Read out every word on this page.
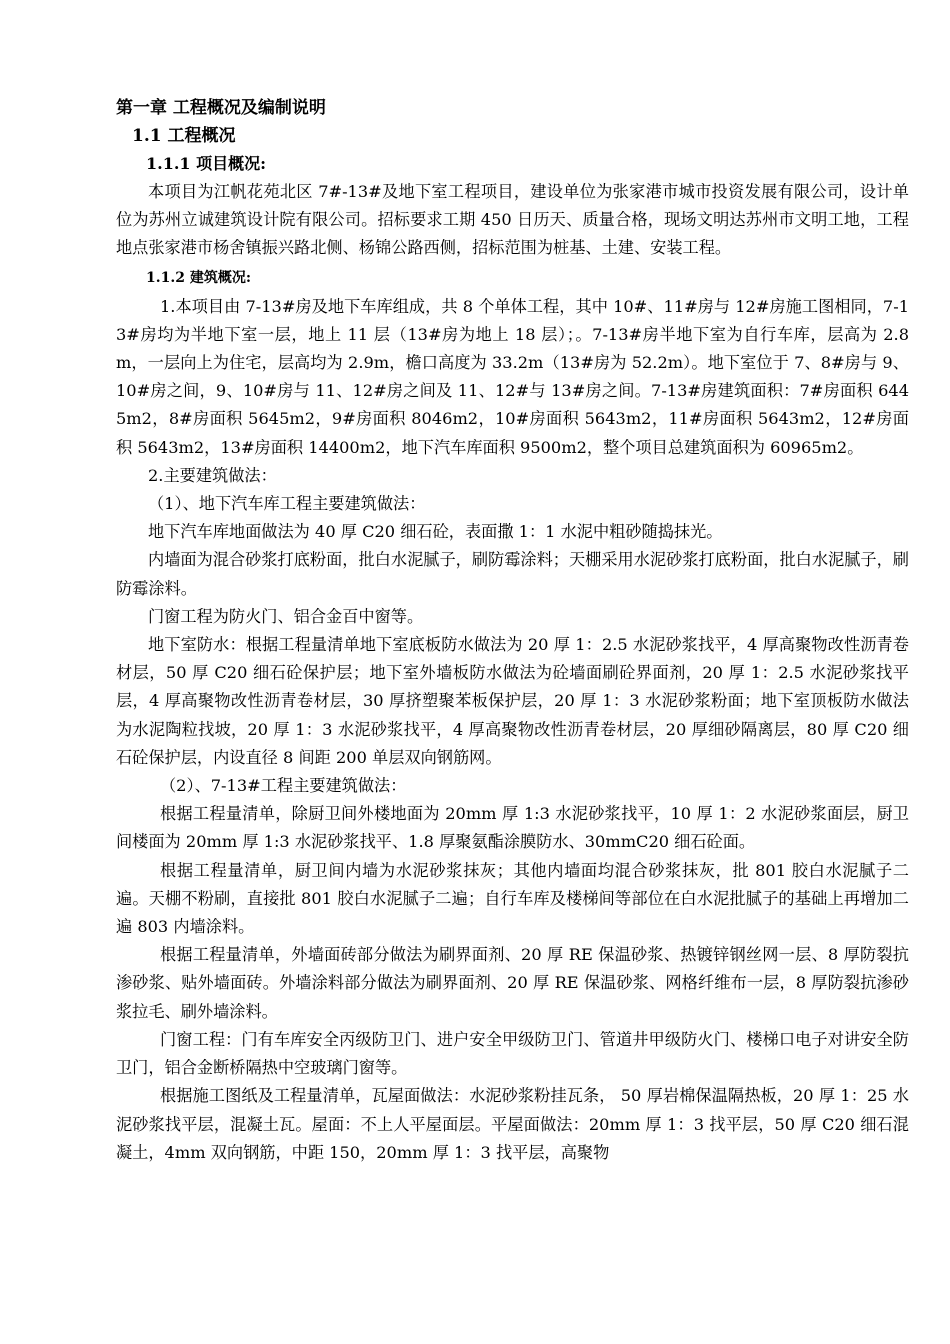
第一章 工程概况及编制说明

1.1 工程概况

1.1.1 项目概况:

本项目为江帆花苑北区 7#-13#及地下室工程项目，建设单位为张家港市城市投资发展有限公司，设计单位为苏州立诚建筑设计院有限公司。招标要求工期 450 日历天、质量合格，现场文明达苏州市文明工地，工程地点张家港市杨舍镇振兴路北侧、杨锦公路西侧，招标范围为桩基、土建、安装工程。

1.1.2 建筑概况:

1.本项目由 7-13#房及地下车库组成，共 8 个单体工程，其中 10#、11#房与 12#房施工图相同，7-13#房均为半地下室一层，地上 11 层（13#房为地上 18 层）；。7-13#房半地下室为自行车库，层高为 2.8m，一层向上为住宅，层高均为 2.9m，檐口高度为 33.2m（13#房为 52.2m）。地下室位于 7、8#房与 9、10#房之间，9、10#房与 11、12#房之间及 11、12#与 13#房之间。7-13#房建筑面积：7#房面积 6445m2，8#房面积 5645m2，9#房面积 8046m2，10#房面积 5643m2，11#房面积 5643m2，12#房面积 5643m2，13#房面积 14400m2，地下汽车库面积 9500m2，整个项目总建筑面积为 60965m2。

2.主要建筑做法：

（1）、地下汽车库工程主要建筑做法：

地下汽车库地面做法为 40 厚 C20 细石砼，表面撒 1：1 水泥中粗砂随捣抹光。

内墙面为混合砂浆打底粉面，批白水泥腻子，刷防霉涂料；天棚采用水泥砂浆打底粉面，批白水泥腻子，刷防霉涂料。

门窗工程为防火门、铝合金百中窗等。

地下室防水：根据工程量清单地下室底板防水做法为 20 厚 1：2.5 水泥砂浆找平，4 厚高聚物改性沥青卷材层，50 厚 C20 细石砼保护层；地下室外墙板防水做法为砼墙面刷砼界面剂，20 厚 1：2.5 水泥砂浆找平层，4 厚高聚物改性沥青卷材层，30 厚挤塑聚苯板保护层，20 厚 1：3 水泥砂浆粉面；地下室顶板防水做法为水泥陶粒找坡，20 厚 1：3 水泥砂浆找平，4 厚高聚物改性沥青卷材层，20 厚细砂隔离层，80 厚 C20 细石砼保护层，内设直径 8 间距 200 单层双向钢筋网。

（2）、7-13#工程主要建筑做法：

根据工程量清单，除厨卫间外楼地面为 20mm 厚 1:3 水泥砂浆找平，10 厚 1：2 水泥砂浆面层，厨卫间楼面为 20mm 厚 1:3 水泥砂浆找平、1.8 厚聚氨酯涂膜防水、30mmC20 细石砼面。

根据工程量清单，厨卫间内墙为水泥砂浆抹灰；其他内墙面均混合砂浆抹灰，批 801 胶白水泥腻子二遍。天棚不粉刷，直接批 801 胶白水泥腻子二遍；自行车库及楼梯间等部位在白水泥批腻子的基础上再增加二遍 803 内墙涂料。

根据工程量清单，外墙面砖部分做法为刷界面剂、20 厚 RE 保温砂浆、热镀锌钢丝网一层、8 厚防裂抗渗砂浆、贴外墙面砖。外墙涂料部分做法为刷界面剂、20 厚 RE 保温砂浆、网格纤维布一层，8 厚防裂抗渗砂浆拉毛、刷外墙涂料。

门窗工程：门有车库安全丙级防卫门、进户安全甲级防卫门、管道井甲级防火门、楼梯口电子对讲安全防卫门，铝合金断桥隔热中空玻璃门窗等。

根据施工图纸及工程量清单，瓦屋面做法：水泥砂浆粉挂瓦条， 50 厚岩棉保温隔热板，20 厚 1：25 水泥砂浆找平层，混凝土瓦。屋面：不上人平屋面层。平屋面做法：20mm 厚 1：3 找平层，50 厚 C20 细石混凝土，4mm 双向钢筋，中距 150，20mm 厚 1：3 找平层，高聚物
